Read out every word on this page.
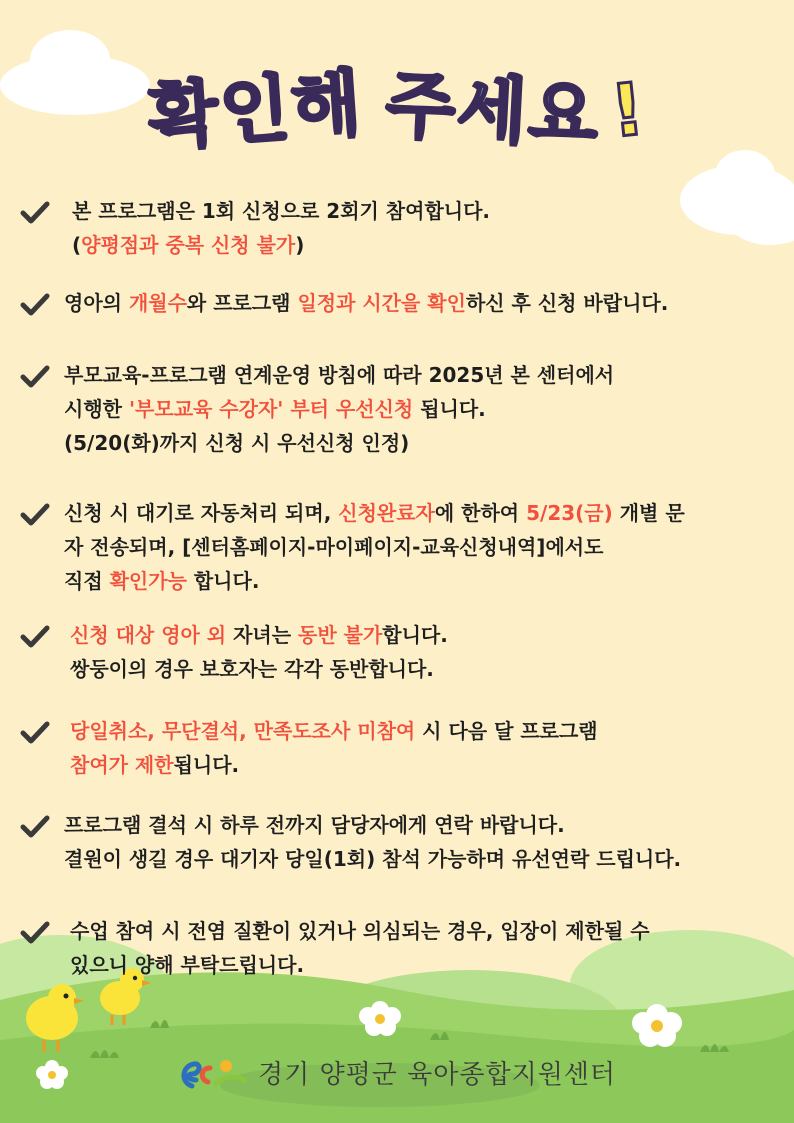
확인해 주세요 !
본 프로그램은 1회 신청으로 2회기 참여합니다.
(양평점과 중복 신청 불가)
영아의 개월수와 프로그램 일정과 시간을 확인하신 후 신청 바랍니다.
부모교육-프로그램 연계운영 방침에 따라 2025년 본 센터에서
시행한 '부모교육 수강자' 부터 우선신청 됩니다.
(5/20(화)까지 신청 시 우선신청 인정)
신청 시 대기로 자동처리 되며, 신청완료자에 한하여 5/23(금) 개별 문
자 전송되며, [센터홈페이지-마이페이지-교육신청내역]에서도
직접 확인가능 합니다.
신청 대상 영아 외 자녀는 동반 불가합니다.
쌍둥이의 경우 보호자는 각각 동반합니다.
당일취소, 무단결석, 만족도조사 미참여 시 다음 달 프로그램
참여가 제한됩니다.
프로그램 결석 시 하루 전까지 담당자에게 연락 바랍니다.
결원이 생길 경우 대기자 당일(1회) 참석 가능하며 유선연락 드립니다.
수업 참여 시 전염 질환이 있거나 의심되는 경우, 입장이 제한될 수
있으니 양해 부탁드립니다.
경기 양평군 육아종합지원센터
